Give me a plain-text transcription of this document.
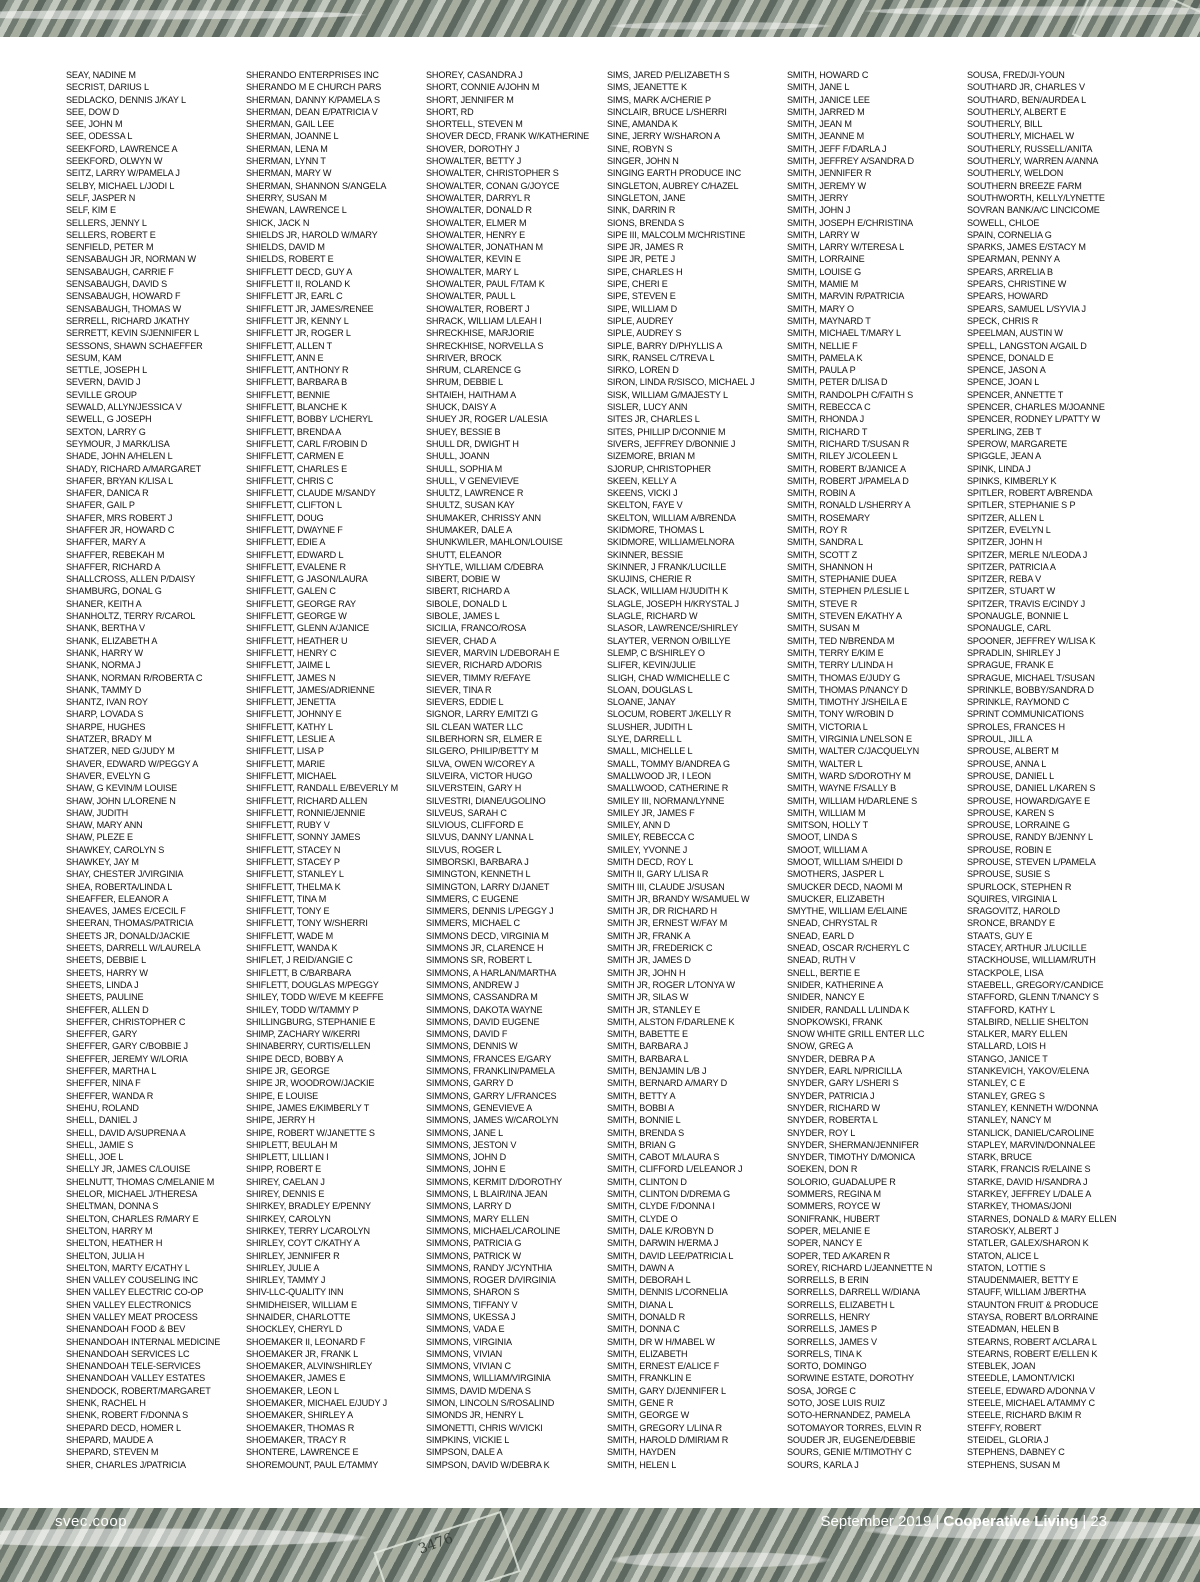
SEAY, NADINE M
SECRIST, DARIUS L
SEDLACKO, DENNIS J/KAY L
SEE, DOW D
SEE, JOHN M
SEE, ODESSA L
SEEKFORD, LAWRENCE A
SEEKFORD, OLWYN W
SEITZ, LARRY W/PAMELA J
SELBY, MICHAEL L/JODI L
SELF, JASPER N
SELF, KIM E
SELLERS, JENNY L
SELLERS, ROBERT E
SENFIELD, PETER M
SENSABAUGH JR, NORMAN W
SENSABAUGH, CARRIE F
SENSABAUGH, DAVID S
SENSABAUGH, HOWARD F
SENSABAUGH, THOMAS W
SERRELL, RICHARD J/KATHY
SERRETT, KEVIN S/JENNIFER L
SESSONS, SHAWN SCHAEFFER
SESUM, KAM
SETTLE, JOSEPH L
SEVERN, DAVID J
SEVILLE GROUP
SEWALD, ALLYN/JESSICA V
SEWELL, G JOSEPH
SEXTON, LARRY G
SEYMOUR, J MARK/LISA
SHADE, JOHN A/HELEN L
SHADY, RICHARD A/MARGARET
SHAFER, BRYAN K/LISA L
SHAFER, DANICA R
SHAFER, GAIL P
SHAFER, MRS ROBERT J
SHAFFER JR, HOWARD C
SHAFFER, MARY A
SHAFFER, REBEKAH M
SHAFFER, RICHARD A
SHALLCROSS, ALLEN P/DAISY
SHAMBURG, DONAL G
SHANER, KEITH A
SHANHOLTZ, TERRY R/CAROL
SHANK, BERTHA V
SHANK, ELIZABETH A
SHANK, HARRY W
SHANK, NORMA J
SHANK, NORMAN R/ROBERTA C
SHANK, TAMMY D
SHANTZ, IVAN ROY
SHARP, LOVADA S
SHARPE, HUGHES
SHATZER, BRADY M
SHATZER, NED G/JUDY M
SHAVER, EDWARD W/PEGGY A
SHAVER, EVELYN G
SHAW, G KEVIN/M LOUISE
SHAW, JOHN L/LORENE N
SHAW, JUDITH
SHAW, MARY ANN
SHAW, PLEZE E
SHAWKEY, CAROLYN S
SHAWKEY, JAY M
SHAY, CHESTER J/VIRGINIA
SHEA, ROBERTA/LINDA L
SHEAFFER, ELEANOR A
SHEAVES, JAMES E/CECIL F
SHEERAN, THOMAS/PATRICIA
SHEETS JR, DONALD/JACKIE
SHEETS, DARRELL W/LAURELA
SHEETS, DEBBIE L
SHEETS, HARRY W
SHEETS, LINDA J
SHEETS, PAULINE
SHEFFER, ALLEN D
SHEFFER, CHRISTOPHER C
SHEFFER, GARY
SHEFFER, GARY C/BOBBIE J
SHEFFER, JEREMY W/LORIA
SHEFFER, MARTHA L
SHEFFER, NINA F
SHEFFER, WANDA R
SHEHU, ROLAND
SHELL, DANIEL J
SHELL, DAVID A/SUPRENA A
SHELL, JAMIE S
SHELL, JOE L
SHELLY JR, JAMES C/LOUISE
SHELNUTT, THOMAS C/MELANIE M
SHELOR, MICHAEL J/THERESA
SHELTMAN, DONNA S
SHELTON, CHARLES R/MARY E
SHELTON, HARRY M
SHELTON, HEATHER H
SHELTON, JULIA H
SHELTON, MARTY E/CATHY L
SHEN VALLEY COUSELING INC
SHEN VALLEY ELECTRIC CO-OP
SHEN VALLEY ELECTRONICS
SHEN VALLEY MEAT PROCESS
SHENANDOAH FOOD & BEV
SHENANDOAH INTERNAL MEDICINE
SHENANDOAH SERVICES LC
SHENANDOAH TELE-SERVICES
SHENANDOAH VALLEY ESTATES
SHENDOCK, ROBERT/MARGARET
SHENK, RACHEL H
SHENK, ROBERT F/DONNA S
SHEPARD DECD, HOMER L
SHEPARD, MAUDE A
SHEPARD, STEVEN M
SHER, CHARLES J/PATRICIA
SHERANDO ENTERPRISES INC
SHERANDO M E CHURCH PARS
SHERMAN, DANNY K/PAMELA S
SHERMAN, DEAN E/PATRICIA V
SHERMAN, GAIL LEE
SHERMAN, JOANNE L
SHERMAN, LENA M
SHERMAN, LYNN T
SHERMAN, MARY W
SHERMAN, SHANNON S/ANGELA
SHERRY, SUSAN M
SHEWAN, LAWRENCE L
SHICK, JACK N
SHIELDS JR, HAROLD W/MARY
SHIELDS, DAVID M
SHIELDS, ROBERT E
SHIFFLETT DECD, GUY A
SHIFFLETT II, ROLAND K
SHIFFLETT JR, EARL C
SHIFFLETT JR, JAMES/RENEE
SHIFFLETT JR, KENNY L
SHIFFLETT JR, ROGER L
SHIFFLETT, ALLEN T
SHIFFLETT, ANN E
SHIFFLETT, ANTHONY R
SHIFFLETT, BARBARA B
SHIFFLETT, BENNIE
SHIFFLETT, BLANCHE K
SHIFFLETT, BOBBY L/CHERYL
SHIFFLETT, BRENDA A
SHIFFLETT, CARL F/ROBIN D
SHIFFLETT, CARMEN E
SHIFFLETT, CHARLES E
SHIFFLETT, CHRIS C
SHIFFLETT, CLAUDE M/SANDY
SHIFFLETT, CLIFTON L
SHIFFLETT, DOUG
SHIFFLETT, DWAYNE F
SHIFFLETT, EDIE A
SHIFFLETT, EDWARD L
SHIFFLETT, EVALENE R
SHIFFLETT, G JASON/LAURA
SHIFFLETT, GALEN C
SHIFFLETT, GEORGE RAY
SHIFFLETT, GEORGE W
SHIFFLETT, GLENN A/JANICE
SHIFFLETT, HEATHER U
SHIFFLETT, HENRY C
SHIFFLETT, JAIME L
SHIFFLETT, JAMES N
SHIFFLETT, JAMES/ADRIENNE
SHIFFLETT, JENETTA
SHIFFLETT, JOHNNY E
SHIFFLETT, KATHY L
SHIFFLETT, LESLIE A
SHIFFLETT, LISA P
SHIFFLETT, MARIE
SHIFFLETT, MICHAEL
SHIFFLETT, RANDALL E/BEVERLY M
SHIFFLETT, RICHARD ALLEN
SHIFFLETT, RONNIE/JENNIE
SHIFFLETT, RUBY V
SHIFFLETT, SONNY JAMES
SHIFFLETT, STACEY N
SHIFFLETT, STACEY P
SHIFFLETT, STANLEY L
SHIFFLETT, THELMA K
SHIFFLETT, TINA M
SHIFFLETT, TONY E
SHIFFLETT, TONY W/SHERRI
SHIFFLETT, WADE M
SHIFFLETT, WANDA K
SHIFLET, J REID/ANGIE C
SHIFLETT, B C/BARBARA
SHIFLETT, DOUGLAS M/PEGGY
SHILEY, TODD W/EVE M KEEFFE
SHILEY, TODD W/TAMMY P
SHILLINGBURG, STEPHANIE E
SHIMP, ZACHARY W/KERRI
SHINABERRY, CURTIS/ELLEN
SHIPE DECD, BOBBY A
SHIPE JR, GEORGE
SHIPE JR, WOODROW/JACKIE
SHIPE, E LOUISE
SHIPE, JAMES E/KIMBERLY T
SHIPE, JERRY H
SHIPE, ROBERT W/JANETTE S
SHIPLETT, BEULAH M
SHIPLETT, LILLIAN I
SHIPP, ROBERT E
SHIREY, CAELAN J
SHIREY, DENNIS E
SHIRKEY, BRADLEY E/PENNY
SHIRKEY, CAROLYN
SHIRKEY, TERRY L/CAROLYN
SHIRLEY, COYT C/KATHY A
SHIRLEY, JENNIFER R
SHIRLEY, JULIE A
SHIRLEY, TAMMY J
SHIV-LLC-QUALITY INN
SHMIDHEISER, WILLIAM E
SHNAIDER, CHARLOTTE
SHOCKLEY, CHERYL D
SHOEMAKER II, LEONARD F
SHOEMAKER JR, FRANK L
SHOEMAKER, ALVIN/SHIRLEY
SHOEMAKER, JAMES E
SHOEMAKER, LEON L
SHOEMAKER, MICHAEL E/JUDY J
SHOEMAKER, SHIRLEY A
SHOEMAKER, THOMAS R
SHOEMAKER, TRACY R
SHONTERE, LAWRENCE E
SHOREMOUNT, PAUL E/TAMMY
SHOREY, CASANDRA J
SHORT, CONNIE A/JOHN M
SHORT, JENNIFER M
SHORT, RD
SHORTELL, STEVEN M
SHOVER DECD, FRANK W/KATHERINE
SHOVER, DOROTHY J
SHOWALTER, BETTY J
SHOWALTER, CHRISTOPHER S
SHOWALTER, CONAN G/JOYCE
SHOWALTER, DARRYL R
SHOWALTER, DONALD R
SHOWALTER, ELMER M
SHOWALTER, HENRY E
SHOWALTER, JONATHAN M
SHOWALTER, KEVIN E
SHOWALTER, MARY L
SHOWALTER, PAUL F/TAM K
SHOWALTER, PAUL L
SHOWALTER, ROBERT J
SHRACK, WILLIAM L/LEAH I
SHRECKHISE, MARJORIE
SHRECKHISE, NORVELLA S
SHRIVER, BROCK
SHRUM, CLARENCE G
SHRUM, DEBBIE L
SHTAIEH, HAITHAM A
SHUCK, DAISY A
SHUEY JR, ROGER L/ALESIA
SHUEY, BESSIE B
SHULL DR, DWIGHT H
SHULL, JOANN
SHULL, SOPHIA M
SHULL, V GENEVIEVE
SHULTZ, LAWRENCE R
SHULTZ, SUSAN KAY
SHUMAKER, CHRISSY ANN
SHUMAKER, DALE A
SHUNKWILER, MAHLON/LOUISE
SHUTT, ELEANOR
SHYTLE, WILLIAM C/DEBRA
SIBERT, DOBIE W
SIBERT, RICHARD A
SIBOLE, DONALD L
SIBOLE, JAMES L
SICILIA, FRANCO/ROSA
SIEVER, CHAD A
SIEVER, MARVIN L/DEBORAH E
SIEVER, RICHARD A/DORIS
SIEVER, TIMMY R/EFAYE
SIEVER, TINA R
SIEVERS, EDDIE L
SIGNOR, LARRY E/MITZI G
SIL CLEAN WATER LLC
SILBERHORN SR, ELMER E
SILGERO, PHILIP/BETTY M
SILVA, OWEN W/COREY A
SILVEIRA, VICTOR HUGO
SILVERSTEIN, GARY H
SILVESTRI, DIANE/UGOLINO
SILVEUS, SARAH C
SILVIOUS, CLIFFORD E
SILVUS, DANNY L/ANNA L
SILVUS, ROGER L
SIMBORSKI, BARBARA J
SIMINGTON, KENNETH L
SIMINGTON, LARRY D/JANET
SIMMERS, C EUGENE
SIMMERS, DENNIS L/PEGGY J
SIMMERS, MICHAEL C
SIMMONS DECD, VIRGINIA M
SIMMONS JR, CLARENCE H
SIMMONS SR, ROBERT L
SIMMONS, A HARLAN/MARTHA
SIMMONS, ANDREW J
SIMMONS, CASSANDRA M
SIMMONS, DAKOTA WAYNE
SIMMONS, DAVID EUGENE
SIMMONS, DAVID F
SIMMONS, DENNIS W
SIMMONS, FRANCES E/GARY
SIMMONS, FRANKLIN/PAMELA
SIMMONS, GARRY D
SIMMONS, GARRY L/FRANCES
SIMMONS, GENEVIEVE A
SIMMONS, JAMES W/CAROLYN
SIMMONS, JANE L
SIMMONS, JESTON V
SIMMONS, JOHN D
SIMMONS, JOHN E
SIMMONS, KERMIT D/DOROTHY
SIMMONS, L BLAIR/INA JEAN
SIMMONS, LARRY D
SIMMONS, MARY ELLEN
SIMMONS, MICHAEL/CAROLINE
SIMMONS, PATRICIA G
SIMMONS, PATRICK W
SIMMONS, RANDY J/CYNTHIA
SIMMONS, ROGER D/VIRGINIA
SIMMONS, SHARON S
SIMMONS, TIFFANY V
SIMMONS, UKESSA J
SIMMONS, VADA E
SIMMONS, VIRGINIA
SIMMONS, VIVIAN
SIMMONS, VIVIAN C
SIMMONS, WILLIAM/VIRGINIA
SIMMS, DAVID M/DENA S
SIMON, LINCOLN S/ROSALIND
SIMONDS JR, HENRY L
SIMONETTI, CHRIS W/VICKI
SIMPKINS, VICKIE L
SIMPSON, DALE A
SIMPSON, DAVID W/DEBRA K
SIMS, JARED P/ELIZABETH S
SIMS, JEANETTE K
SIMS, MARK A/CHERIE P
SINCLAIR, BRUCE L/SHERRI
SINE, AMANDA K
SINE, JERRY W/SHARON A
SINE, ROBYN S
SINGER, JOHN N
SINGING EARTH PRODUCE INC
SINGLETON, AUBREY C/HAZEL
SINGLETON, JANE
SINK, DARRIN R
SIONS, BRENDA S
SIPE III, MALCOLM M/CHRISTINE
SIPE JR, JAMES R
SIPE JR, PETE J
SIPE, CHARLES H
SIPE, CHERI E
SIPE, STEVEN E
SIPE, WILLIAM D
SIPLE, AUDREY
SIPLE, AUDREY S
SIPLE, BARRY D/PHYLLIS A
SIRK, RANSEL C/TREVA L
SIRKO, LOREN D
SIRON, LINDA R/SISCO, MICHAEL J
SISK, WILLIAM G/MAJESTY L
SISLER, LUCY ANN
SITES JR, CHARLES L
SITES, PHILLIP D/CONNIE M
SIVERS, JEFFREY D/BONNIE J
SIZEMORE, BRIAN M
SJORUP, CHRISTOPHER
SKEEN, KELLY A
SKEENS, VICKI J
SKELTON, FAYE V
SKELTON, WILLIAM A/BRENDA
SKIDMORE, THOMAS L
SKIDMORE, WILLIAM/ELNORA
SKINNER, BESSIE
SKINNER, J FRANK/LUCILLE
SKUJINS, CHERIE R
SLACK, WILLIAM H/JUDITH K
SLAGLE, JOSEPH H/KRYSTAL J
SLAGLE, RICHARD W
SLASOR, LAWRENCE/SHIRLEY
SLAYTER, VERNON O/BILLYE
SLEMP, C B/SHIRLEY O
SLIFER, KEVIN/JULIE
SLIGH, CHAD W/MICHELLE C
SLOAN, DOUGLAS L
SLOANE, JANAY
SLOCUM, ROBERT J/KELLY R
SLUSHER, JUDITH L
SLYE, DARRELL L
SMALL, MICHELLE L
SMALL, TOMMY B/ANDREA G
SMALLWOOD JR, I LEON
SMALLWOOD, CATHERINE R
SMILEY III, NORMAN/LYNNE
SMILEY JR, JAMES F
SMILEY, ANN D
SMILEY, REBECCA C
SMILEY, YVONNE J
SMITH DECD, ROY L
SMITH II, GARY L/LISA R
SMITH III, CLAUDE J/SUSAN
SMITH JR, BRANDY W/SAMUEL W
SMITH JR, DR RICHARD H
SMITH JR, ERNEST W/FAY M
SMITH JR, FRANK A
SMITH JR, FREDERICK C
SMITH JR, JAMES D
SMITH JR, JOHN H
SMITH JR, ROGER L/TONYA W
SMITH JR, SILAS W
SMITH JR, STANLEY E
SMITH, ALSTON F/DARLENE K
SMITH, BABETTE E
SMITH, BARBARA J
SMITH, BARBARA L
SMITH, BENJAMIN L/B J
SMITH, BERNARD A/MARY D
SMITH, BETTY A
SMITH, BOBBI A
SMITH, BONNIE L
SMITH, BRENDA S
SMITH, BRIAN G
SMITH, CABOT M/LAURA S
SMITH, CLIFFORD L/ELEANOR J
SMITH, CLINTON D
SMITH, CLINTON D/DREMA G
SMITH, CLYDE F/DONNA I
SMITH, CLYDE O
SMITH, DALE K/ROBYN D
SMITH, DARWIN H/ERMA J
SMITH, DAVID LEE/PATRICIA L
SMITH, DAWN A
SMITH, DEBORAH L
SMITH, DENNIS L/CORNELIA
SMITH, DIANA L
SMITH, DONALD R
SMITH, DONNA C
SMITH, DR W H/MABEL W
SMITH, ELIZABETH
SMITH, ERNEST E/ALICE F
SMITH, FRANKLIN E
SMITH, GARY D/JENNIFER L
SMITH, GENE R
SMITH, GEORGE W
SMITH, GREGORY L/LINA R
SMITH, HAROLD D/MIRIAM R
SMITH, HAYDEN
SMITH, HELEN L
SMITH, HOWARD C
SMITH, JANE L
SMITH, JANICE LEE
SMITH, JARRED M
SMITH, JEAN M
SMITH, JEANNE M
SMITH, JEFF F/DARLA J
SMITH, JEFFREY A/SANDRA D
SMITH, JENNIFER R
SMITH, JEREMY W
SMITH, JERRY
SMITH, JOHN J
SMITH, JOSEPH E/CHRISTINA
SMITH, LARRY W
SMITH, LARRY W/TERESA L
SMITH, LORRAINE
SMITH, LOUISE G
SMITH, MAMIE M
SMITH, MARVIN R/PATRICIA
SMITH, MARY O
SMITH, MAYNARD T
SMITH, MICHAEL T/MARY L
SMITH, NELLIE F
SMITH, PAMELA K
SMITH, PAULA P
SMITH, PETER D/LISA D
SMITH, RANDOLPH C/FAITH S
SMITH, REBECCA C
SMITH, RHONDA J
SMITH, RICHARD T
SMITH, RICHARD T/SUSAN R
SMITH, RILEY J/COLEEN L
SMITH, ROBERT B/JANICE A
SMITH, ROBERT J/PAMELA D
SMITH, ROBIN A
SMITH, RONALD L/SHERRY A
SMITH, ROSEMARY
SMITH, ROY R
SMITH, SANDRA L
SMITH, SCOTT Z
SMITH, SHANNON H
SMITH, STEPHANIE DUEA
SMITH, STEPHEN P/LESLIE L
SMITH, STEVE R
SMITH, STEVEN E/KATHY A
SMITH, SUSAN M
SMITH, TED N/BRENDA M
SMITH, TERRY E/KIM E
SMITH, TERRY L/LINDA H
SMITH, THOMAS E/JUDY G
SMITH, THOMAS P/NANCY D
SMITH, TIMOTHY J/SHEILA E
SMITH, TONY W/ROBIN D
SMITH, VICTORIA L
SMITH, VIRGINIA L/NELSON E
SMITH, WALTER C/JACQUELYN
SMITH, WALTER L
SMITH, WARD S/DOROTHY M
SMITH, WAYNE F/SALLY B
SMITH, WILLIAM H/DARLENE S
SMITH, WILLIAM M
SMITSON, HOLLY T
SMOOT, LINDA S
SMOOT, WILLIAM A
SMOOT, WILLIAM S/HEIDI D
SMOTHERS, JASPER L
SMUCKER DECD, NAOMI M
SMUCKER, ELIZABETH
SMYTHE, WILLIAM E/ELAINE
SNEAD, CHRYSTAL R
SNEAD, EARL D
SNEAD, OSCAR R/CHERYL C
SNEAD, RUTH V
SNELL, BERTIE E
SNIDER, KATHERINE A
SNIDER, NANCY E
SNIDER, RANDALL L/LINDA K
SNOPKOWSKI, FRANK
SNOW WHITE GRILL ENTER LLC
SNOW, GREG A
SNYDER, DEBRA P A
SNYDER, EARL N/PRICILLA
SNYDER, GARY L/SHERI S
SNYDER, PATRICIA J
SNYDER, RICHARD W
SNYDER, ROBERTA L
SNYDER, ROY L
SNYDER, SHERMAN/JENNIFER
SNYDER, TIMOTHY D/MONICA
SOEKEN, DON R
SOLORIO, GUADALUPE R
SOMMERS, REGINA M
SOMMERS, ROYCE W
SONIFRANK, HUBERT
SOPER, MELANIE E
SOPER, NANCY E
SOPER, TED A/KAREN R
SOREY, RICHARD L/JEANNETTE N
SORRELLS, B ERIN
SORRELLS, DARRELL W/DIANA
SORRELLS, ELIZABETH L
SORRELLS, HENRY
SORRELLS, JAMES P
SORRELLS, JAMES V
SORRELS, TINA K
SORTO, DOMINGO
SORWINE ESTATE, DOROTHY
SOSA, JORGE C
SOTO, JOSE LUIS RUIZ
SOTO-HERNANDEZ, PAMELA
SOTOMAYOR TORRES, ELVIN R
SOUDER JR, EUGENE/DEBBIE
SOURS, GENIE M/TIMOTHY C
SOURS, KARLA J
SOUSA, FRED/JI-YOUN
SOUTHARD JR, CHARLES V
SOUTHARD, BEN/AURDEA L
SOUTHERLY, ALBERT E
SOUTHERLY, BILL
SOUTHERLY, MICHAEL W
SOUTHERLY, RUSSELL/ANITA
SOUTHERLY, WARREN A/ANNA
SOUTHERLY, WELDON
SOUTHERN BREEZE FARM
SOUTHWORTH, KELLY/LYNETTE
SOVRAN BANK/A/C LINCICOME
SOWELL, CHLOE
SPAIN, CORNELIA G
SPARKS, JAMES E/STACY M
SPEARMAN, PENNY A
SPEARS, ARRELIA B
SPEARS, CHRISTINE W
SPEARS, HOWARD
SPEARS, SAMUEL L/SYVIA J
SPECK, CHRIS R
SPEELMAN, AUSTIN W
SPELL, LANGSTON A/GAIL D
SPENCE, DONALD E
SPENCE, JASON A
SPENCE, JOAN L
SPENCER, ANNETTE T
SPENCER, CHARLES M/JOANNE
SPENCER, RODNEY L/PATTY W
SPERLING, ZEB T
SPEROW, MARGARETE
SPIGGLE, JEAN A
SPINK, LINDA J
SPINKS, KIMBERLY K
SPITLER, ROBERT A/BRENDA
SPITLER, STEPHANIE S P
SPITZER, ALLEN L
SPITZER, EVELYN L
SPITZER, JOHN H
SPITZER, MERLE N/LEODA J
SPITZER, PATRICIA A
SPITZER, REBA V
SPITZER, STUART W
SPITZER, TRAVIS E/CINDY J
SPONAUGLE, BONNIE L
SPONAUGLE, CARL
SPOONER, JEFFREY W/LISA K
SPRADLIN, SHIRLEY J
SPRAGUE, FRANK E
SPRAGUE, MICHAEL T/SUSAN
SPRINKLE, BOBBY/SANDRA D
SPRINKLE, RAYMOND C
SPRINT COMMUNICATIONS
SPROLES, FRANCES H
SPROUL, JILL A
SPROUSE, ALBERT M
SPROUSE, ANNA L
SPROUSE, DANIEL L
SPROUSE, DANIEL L/KAREN S
SPROUSE, HOWARD/GAYE E
SPROUSE, KAREN S
SPROUSE, LORRAINE G
SPROUSE, RANDY B/JENNY L
SPROUSE, ROBIN E
SPROUSE, STEVEN L/PAMELA
SPROUSE, SUSIE S
SPURLOCK, STEPHEN R
SQUIRES, VIRGINIA L
SRAGOVITZ, HAROLD
SRONCE, BRANDY E
STAATS, GUY E
STACEY, ARTHUR J/LUCILLE
STACKHOUSE, WILLIAM/RUTH
STACKPOLE, LISA
STAEBELL, GREGORY/CANDICE
STAFFORD, GLENN T/NANCY S
STAFFORD, KATHY L
STALBIRD, NELLIE SHELTON
STALKER, MARY ELLEN
STALLARD, LOIS H
STANGO, JANICE T
STANKEVICH, YAKOV/ELENA
STANLEY, C E
STANLEY, GREG S
STANLEY, KENNETH W/DONNA
STANLEY, NANCY M
STANLICK, DANIEL/CAROLINE
STAPLEY, MARVIN/DONNALEE
STARK, BRUCE
STARK, FRANCIS R/ELAINE S
STARKE, DAVID H/SANDRA J
STARKEY, JEFFREY L/DALE A
STARKEY, THOMAS/JONI
STARNES, DONALD & MARY ELLEN
STAROSKY, ALBERT J
STATLER, GALEX/SHARON K
STATON, ALICE L
STATON, LOTTIE S
STAUDENMAIER, BETTY E
STAUFF, WILLIAM J/BERTHA
STAUNTON FRUIT & PRODUCE
STAYSA, ROBERT B/LORRAINE
STEADMAN, HELEN B
STEARNS, ROBERT A/CLARA L
STEARNS, ROBERT E/ELLEN K
STEBLEK, JOAN
STEEDLE, LAMONT/VICKI
STEELE, EDWARD A/DONNA V
STEELE, MICHAEL A/TAMMY C
STEELE, RICHARD B/KIM R
STEFFY, ROBERT
STEIDEL, GLORIA J
STEPHENS, DABNEY C
STEPHENS, SUSAN M
3476
svec.coop	September 2019 | Cooperative Living | 23
